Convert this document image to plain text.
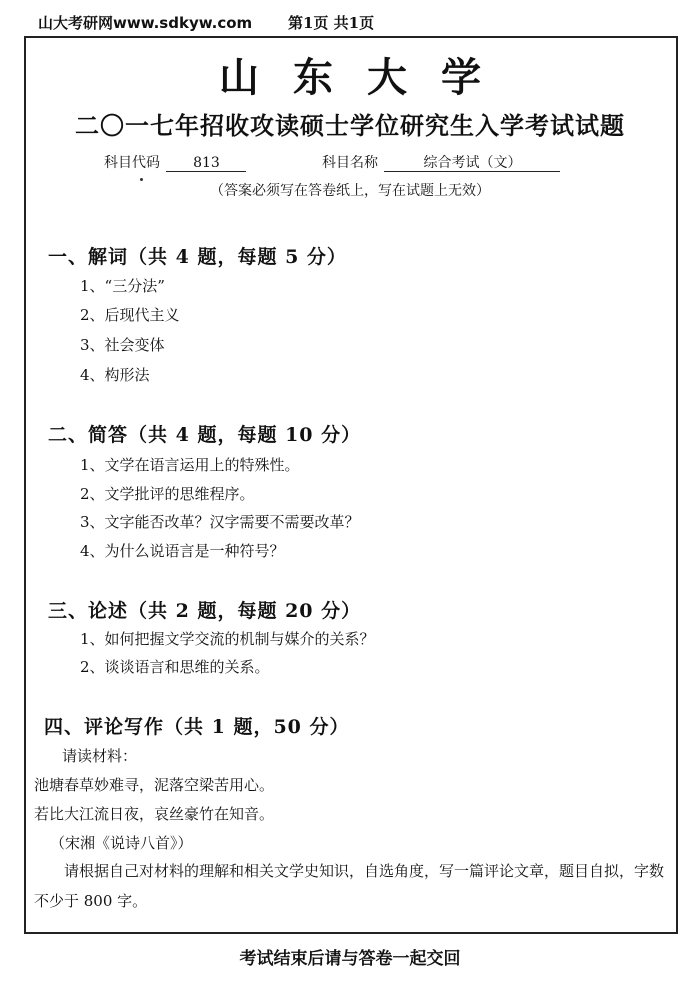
山大考研网www.sdkyw.com 第1页 共1页
山东大学
二〇一七年招收攻读硕士学位研究生入学考试试题
科目代码 813	科目名称	综合考试（文）
（答案必须写在答卷纸上，写在试题上无效）
一、解词（共 4 题，每题 5 分）
1、“三分法”
2、后现代主义
3、社会变体
4、构形法
二、简答（共 4 题，每题 10 分）
1、文学在语言运用上的特殊性。
2、文学批评的思维程序。
3、文字能否改革？汉字需要不需要改革？
4、为什么说语言是一种符号？
三、论述（共 2 题，每题 20 分）
1、如何把握文学交流的机制与媒介的关系？
2、谈谈语言和思维的关系。
四、评论写作（共 1 题，50 分）
请读材料：
池塘春草妙难寻，泥落空梁苦用心。
若比大江流日夜，哀丝豪竹在知音。
（宋湘《说诗八首》）
请根据自己对材料的理解和相关文学史知识，自选角度，写一篇评论文章，题目自拟，字数不少于 800 字。
考试结束后请与答卷一起交回
